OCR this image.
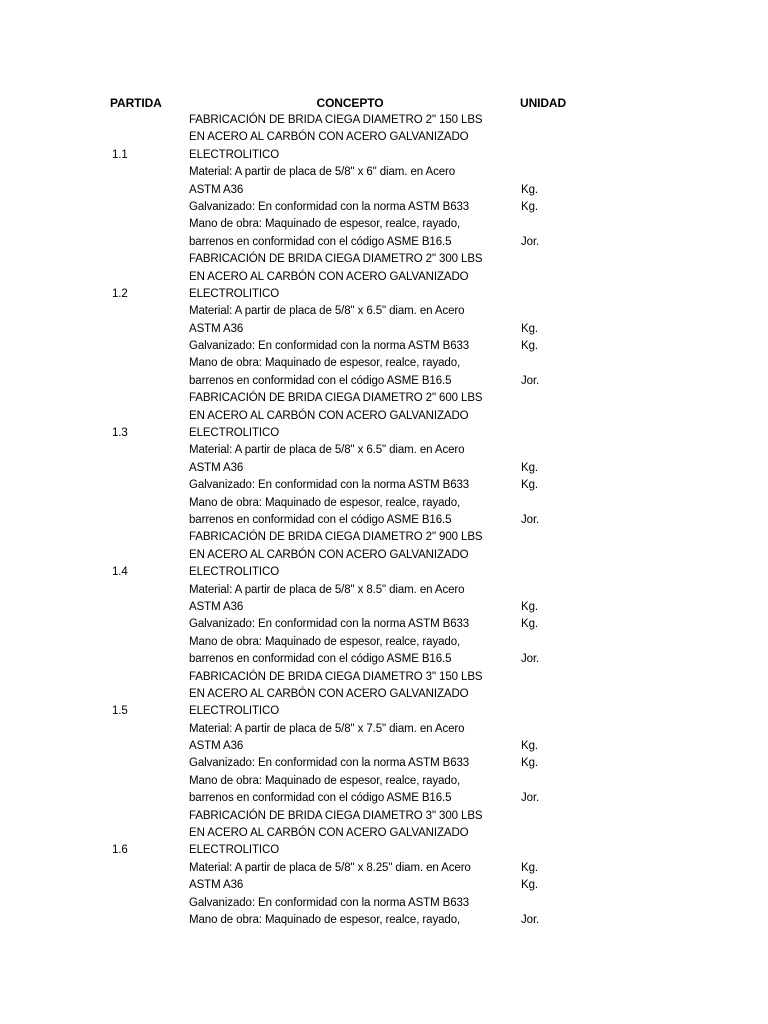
PARTIDA	CONCEPTO	UNIDAD
FABRICACIÓN DE BRIDA CIEGA DIAMETRO 2" 150 LBS
EN ACERO AL CARBÓN CON ACERO GALVANIZADO
1.1	ELECTROLITICO
Material: A partir de placa de 5/8" x 6" diam. en Acero
ASTM A36	Kg.
Galvanizado: En conformidad con la norma ASTM B633	Kg.
Mano de obra: Maquinado de espesor, realce, rayado,
barrenos en conformidad con el código ASME B16.5	Jor.
FABRICACIÓN DE BRIDA CIEGA DIAMETRO 2" 300 LBS
EN ACERO AL CARBÓN CON ACERO GALVANIZADO
1.2	ELECTROLITICO
Material: A partir de placa de 5/8" x 6.5" diam. en Acero
ASTM A36	Kg.
Galvanizado: En conformidad con la norma ASTM B633	Kg.
Mano de obra: Maquinado de espesor, realce, rayado,
barrenos en conformidad con el código ASME B16.5	Jor.
FABRICACIÓN DE BRIDA CIEGA DIAMETRO 2" 600 LBS
EN ACERO AL CARBÓN CON ACERO GALVANIZADO
1.3	ELECTROLITICO
Material: A partir de placa de 5/8" x 6.5" diam. en Acero
ASTM A36	Kg.
Galvanizado: En conformidad con la norma ASTM B633	Kg.
Mano de obra: Maquinado de espesor, realce, rayado,
barrenos en conformidad con el código ASME B16.5	Jor.
FABRICACIÓN DE BRIDA CIEGA DIAMETRO 2" 900 LBS
EN ACERO AL CARBÓN CON ACERO GALVANIZADO
1.4	ELECTROLITICO
Material: A partir de placa de 5/8" x 8.5" diam. en Acero
ASTM A36	Kg.
Galvanizado: En conformidad con la norma ASTM B633	Kg.
Mano de obra: Maquinado de espesor, realce, rayado,
barrenos en conformidad con el código ASME B16.5	Jor.
FABRICACIÓN DE BRIDA CIEGA DIAMETRO 3" 150 LBS
EN ACERO AL CARBÓN CON ACERO GALVANIZADO
1.5	ELECTROLITICO
Material: A partir de placa de 5/8" x 7.5" diam. en Acero
ASTM A36	Kg.
Galvanizado: En conformidad con la norma ASTM B633	Kg.
Mano de obra: Maquinado de espesor, realce, rayado,
barrenos en conformidad con el código ASME B16.5	Jor.
FABRICACIÓN DE BRIDA CIEGA DIAMETRO 3" 300 LBS
EN ACERO AL CARBÓN CON ACERO GALVANIZADO
1.6	ELECTROLITICO
Material: A partir de placa de 5/8" x 8.25" diam. en Acero	Kg.
ASTM A36	Kg.
Galvanizado: En conformidad con la norma ASTM B633
Mano de obra: Maquinado de espesor, realce, rayado,	Jor.
